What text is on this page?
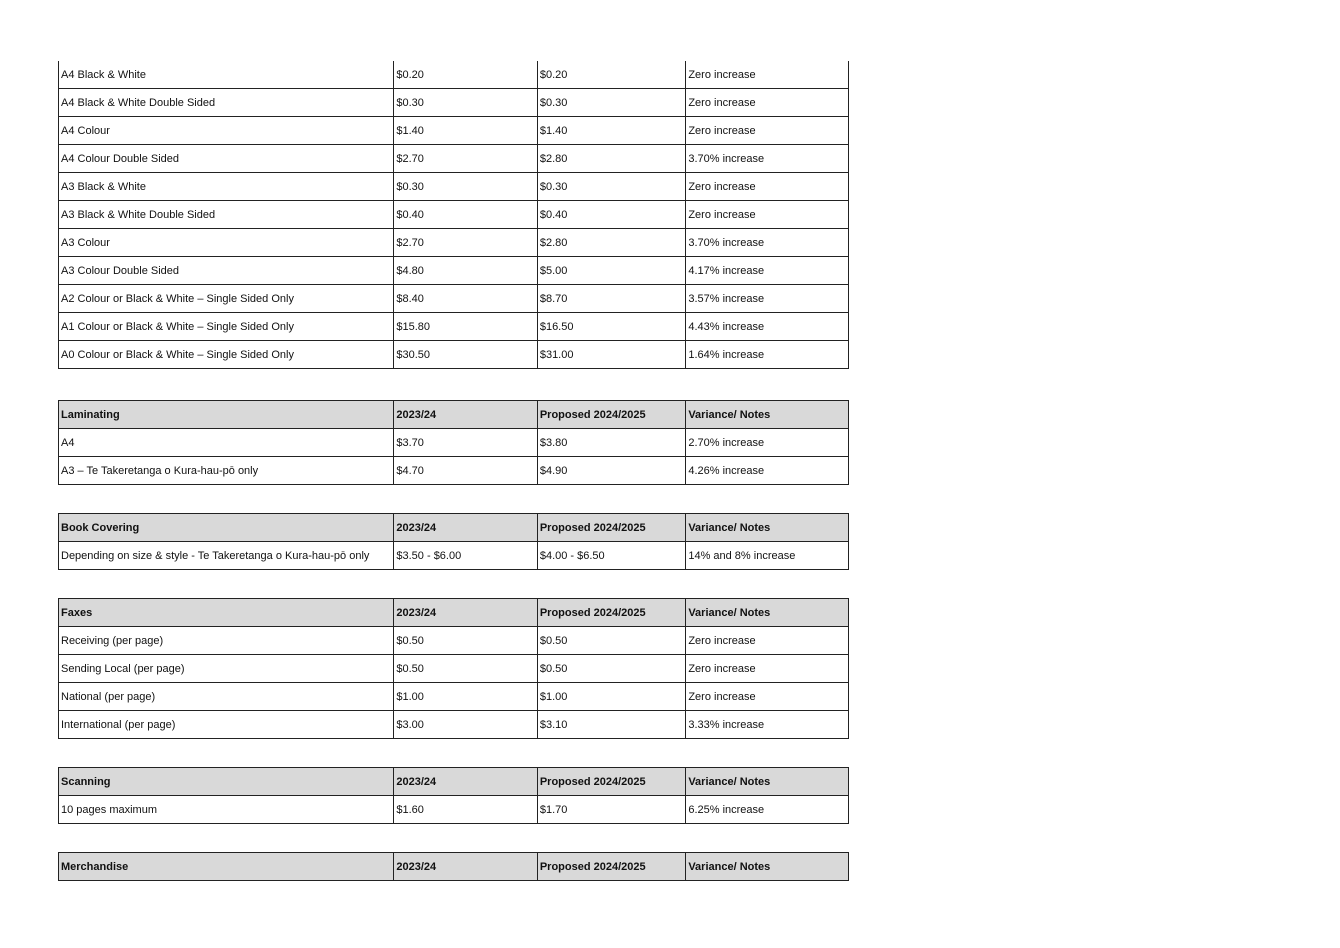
A4 Black & White	$0.20	$0.20	Zero increase
A4 Black & White Double Sided	$0.30	$0.30	Zero increase
A4 Colour	$1.40	$1.40	Zero increase
A4 Colour Double Sided	$2.70	$2.80	3.70% increase
A3 Black & White	$0.30	$0.30	Zero increase
A3 Black & White Double Sided	$0.40	$0.40	Zero increase
A3 Colour	$2.70	$2.80	3.70% increase
A3 Colour Double Sided	$4.80	$5.00	4.17% increase
A2 Colour or Black & White – Single Sided Only	$8.40	$8.70	3.57% increase
A1 Colour or Black & White – Single Sided Only	$15.80	$16.50	4.43% increase
A0 Colour or Black & White – Single Sided Only	$30.50	$31.00	1.64% increase
Laminating	2023/24	Proposed 2024/2025	Variance/ Notes
A4	$3.70	$3.80	2.70% increase
A3 – Te Takeretanga o Kura-hau-pō only	$4.70	$4.90	4.26% increase
Book Covering	2023/24	Proposed 2024/2025	Variance/ Notes
Depending on size & style - Te Takeretanga o Kura-hau-pō only	$3.50 - $6.00	$4.00 - $6.50	14% and 8% increase
Faxes	2023/24	Proposed 2024/2025	Variance/ Notes
Receiving (per page)	$0.50	$0.50	Zero increase
Sending Local (per page)	$0.50	$0.50	Zero increase
National (per page)	$1.00	$1.00	Zero increase
International (per page)	$3.00	$3.10	3.33% increase
Scanning	2023/24	Proposed 2024/2025	Variance/ Notes
10 pages maximum	$1.60	$1.70	6.25% increase
Merchandise	2023/24	Proposed 2024/2025	Variance/ Notes
